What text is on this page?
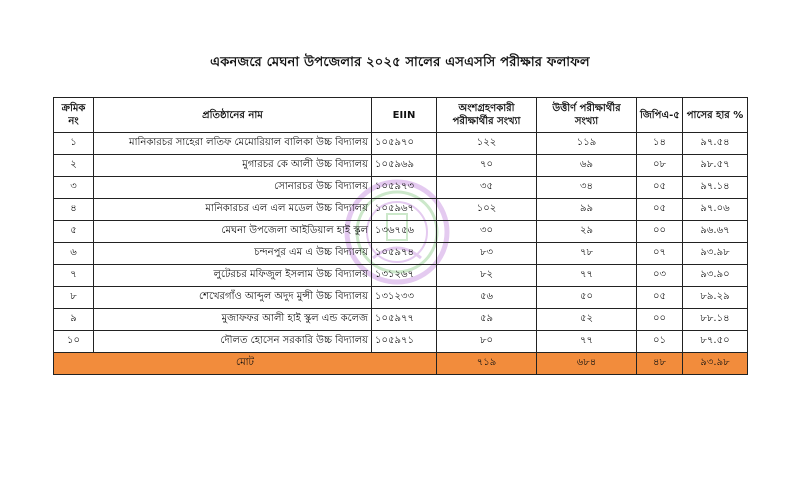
একনজরে মেঘনা উপজেলার ২০২৫ সালের এসএসসি পরীক্ষার ফলাফল
ক্রমিক নং	প্রতিষ্ঠানের নাম	EIIN	অংশগ্রহণকারী পরীক্ষার্থীর সংখ্যা	উত্তীর্ণ পরীক্ষার্থীর সংখ্যা	জিপিএ-৫	পাসের হার %
১	মানিকারচর সাহেরা লতিফ মেমোরিয়াল বালিকা উচ্চ বিদ্যালয়	১০৫৯৭০	১২২	১১৯	১৪	৯৭.৫৪
২	মুগারচর কে আলী উচ্চ বিদ্যালয়	১০৫৯৬৯	৭০	৬৯	০৮	৯৮.৫৭
৩	সোনারচর উচ্চ বিদ্যালয়	১০৫৯৭৩	৩৫	৩৪	০৫	৯৭.১৪
৪	মানিকারচর এল এল মডেল উচ্চ বিদ্যালয়	১০৫৯৬৭	১০২	৯৯	০৫	৯৭.০৬
৫	মেঘনা উপজেলা আইডিয়াল হাই স্কুল	১৩৬৭৫৬	৩০	২৯	০০	৯৬.৬৭
৬	চন্দনপুর এম এ উচ্চ বিদ্যালয়	১০৫৯৭৪	৮৩	৭৮	০৭	৯৩.৯৮
৭	লুটেরচর মফিজুল ইসলাম উচ্চ বিদ্যালয়	১৩১২৬৭	৮২	৭৭	০৩	৯৩.৯০
৮	শেখেরগাঁও আব্দুল অদুদ মুন্সী উচ্চ বিদ্যালয়	১৩১২৩৩	৫৬	৫০	০৫	৮৯.২৯
৯	মুজাফফর আলী হাই স্কুল এন্ড কলেজ	১০৫৯৭৭	৫৯	৫২	০০	৮৮.১৪
১০	দৌলত হোসেন সরকারি উচ্চ বিদ্যালয়	১০৫৯৭১	৮০	৭৭	০১	৮৭.৫০
মোট			৭১৯	৬৮৪	৪৮	৯৩.৯৮
